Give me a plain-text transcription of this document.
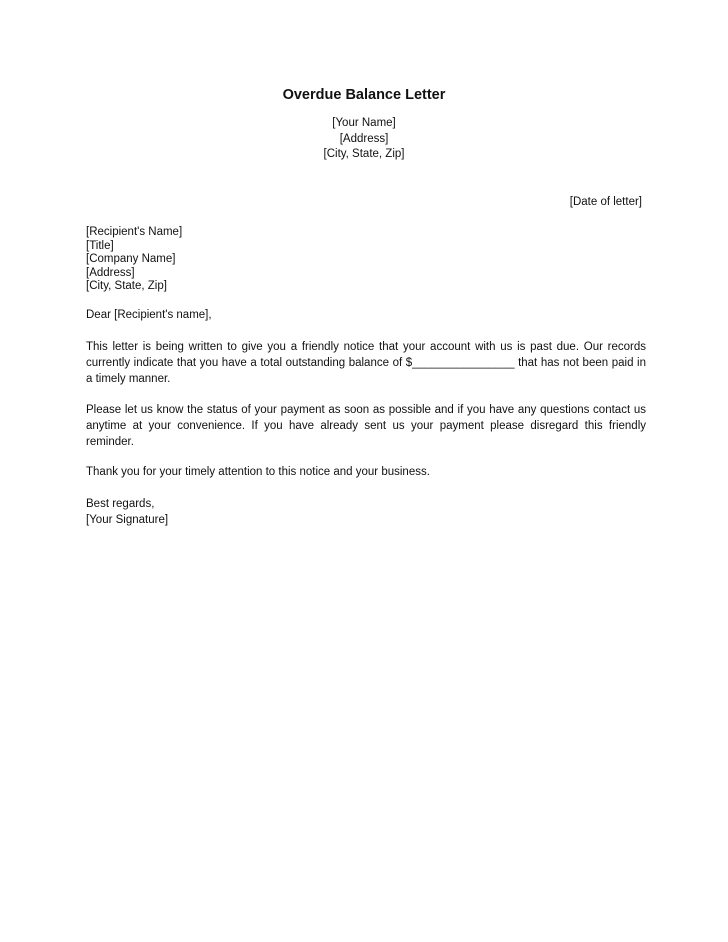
Overdue Balance Letter
[Your Name]
[Address]
[City, State, Zip]
[Date of letter]
[Recipient's Name]
[Title]
[Company Name]
[Address]
[City, State, Zip]
Dear [Recipient's name],

This letter is being written to give you a friendly notice that your account with us is past due. Our records currently indicate that you have a total outstanding balance of $________________ that has not been paid in a timely manner.

Please let us know the status of your payment as soon as possible and if you have any questions contact us anytime at your convenience. If you have already sent us your payment please disregard this friendly reminder.

Thank you for your timely attention to this notice and your business.

Best regards,
[Your Signature]
